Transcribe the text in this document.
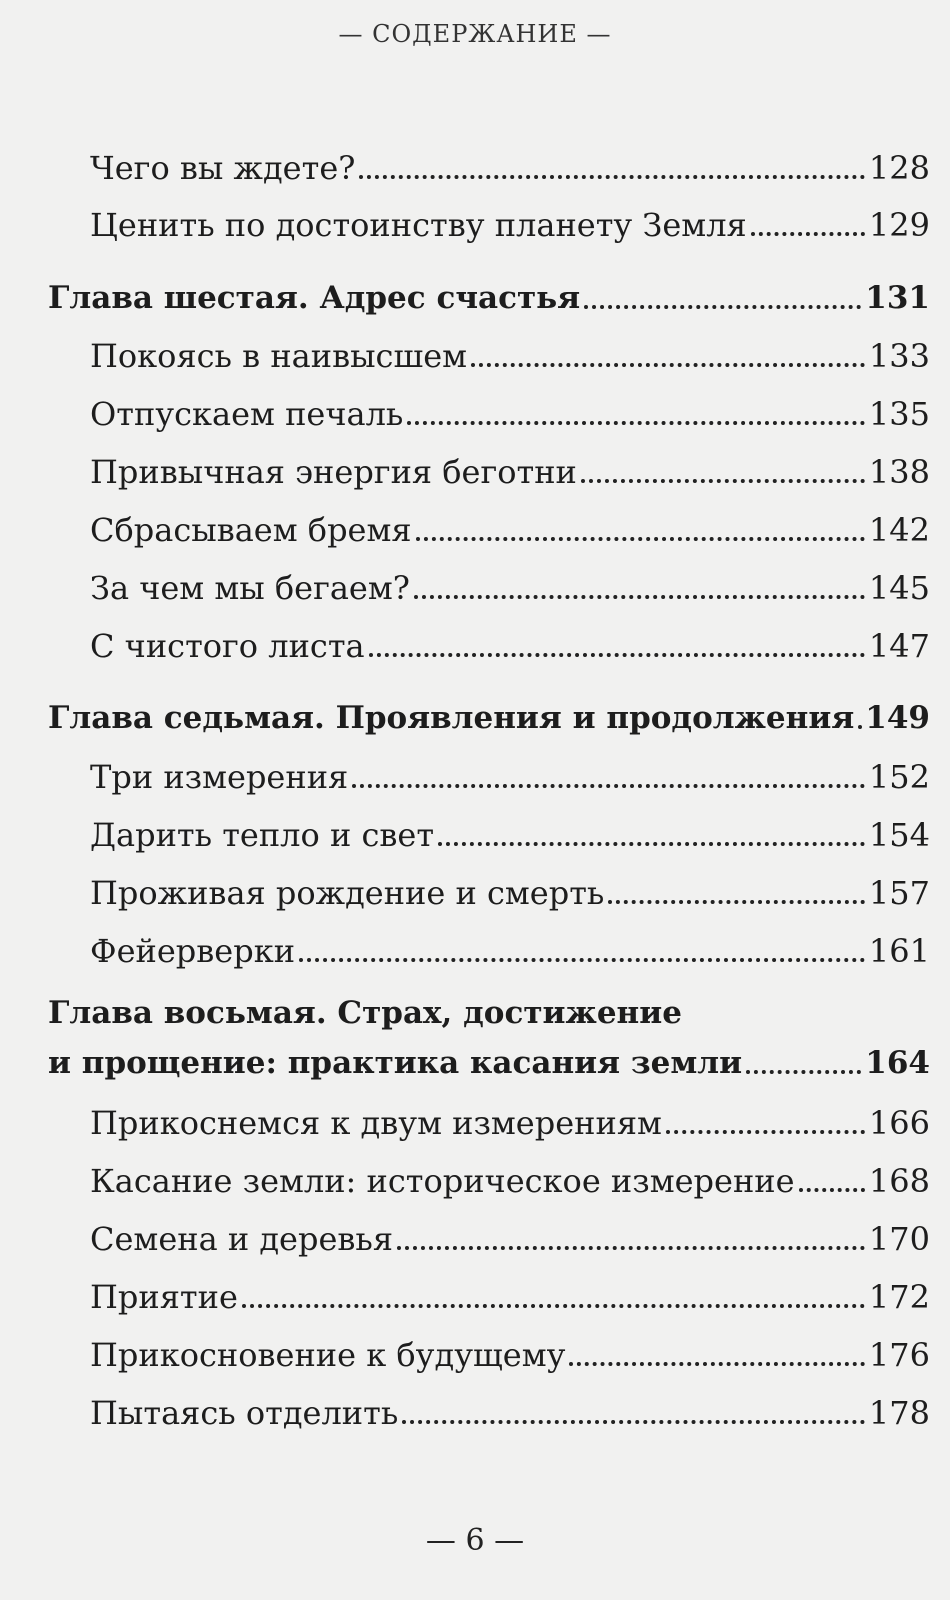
— СОДЕРЖАНИЕ —
Чего вы ждете?	128
Ценить по достоинству планету Земля	129
Глава шестая. Адрес счастья	131
Покоясь в наивысшем	133
Отпускаем печаль	135
Привычная энергия беготни	138
Сбрасываем бремя	142
За чем мы бегаем?	145
С чистого листа	147
Глава седьмая. Проявления и продолжения 149
Три измерения	152
Дарить тепло и свет	154
Проживая рождение и смерть	157
Фейерверки	161
Глава восьмая. Страх, достижение
и прощение: практика касания земли	164
Прикоснемся к двум измерениям	166
Касание земли: историческое измерение 168
Семена и деревья	170
Приятие	172
Прикосновение к будущему	176
Пытаясь отделить	178
— 6 —
